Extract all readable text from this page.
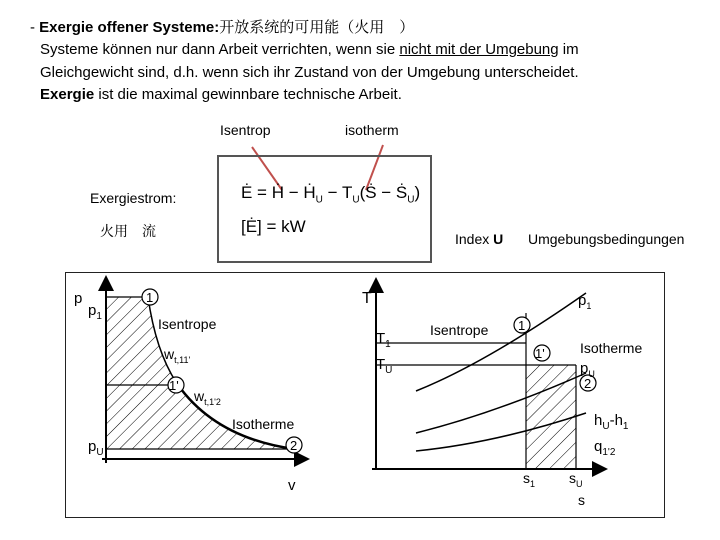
- Exergie offener Systeme:开放系统的可用能（火用　）
Systeme können nur dann Arbeit verrichten, wenn sie nicht mit der Umgebung im
Gleichgewicht sind, d.h. wenn sich ihr Zustand von der Umgebung unterscheidet.
Exergie ist die maximal gewinnbare technische Arbeit.
Isentrop	isotherm
Exergiestrom:
火用　流
Ė = Ḣ − Ḣ$_U$ − $T_U(Ṡ$ − Ṡ$_U$)
[Ė] = kW
Index U Umgebungsbedingungen
1
1'
2
p
$p_1$
$p_U$
v
Isentrope
Isotherme
$w_{t,11'}$
$w_{t,1'2}$
1
1'
2
T
$T_1$
$T_U$
$s_1$ $s_U$
s
Isentrope
Isotherme
$p_1$
$p_U$
$h_U-h_1$
$q_{1'2}$
